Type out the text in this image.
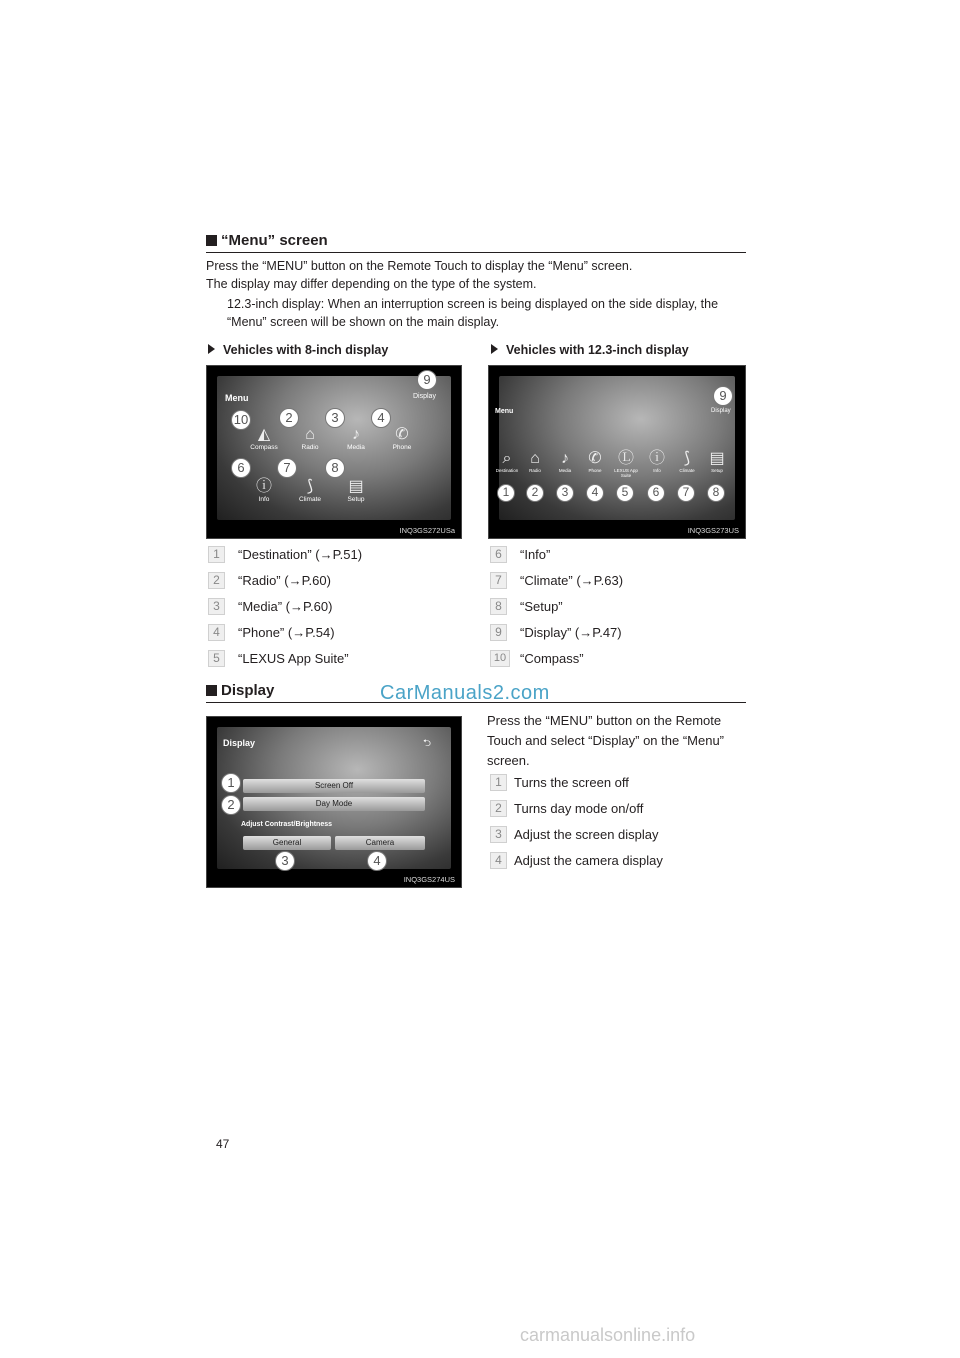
“Menu” screen
Press the “MENU” button on the Remote Touch to display the “Menu” screen.
The display may differ depending on the type of the system.
12.3-inch display: When an interruption screen is being displayed on the side display, the
“Menu” screen will be shown on the main display.
Vehicles with 8-inch display	Vehicles with 12.3-inch display
Menu	Display
◭
Compass
⌂
Radio
♪
Media
✆
Phone
ⓘ
Info
⟆
Climate
▤
Setup
10	2	3	4
6	7	8
9
INQ3GS272USa
Menu	Display
⌕
Destination
⌂
Radio
♪
Media
✆
Phone
Ⓛ
LEXUS App Suite
ⓘ
Info
⟆
Climate
▤
Setup
1	2	3	4	5	6	7	8
9
INQ3GS273US
1	“Destination” (→P.51)
2	“Radio” (→P.60)
3	“Media” (→P.60)
4	“Phone” (→P.54)
5	“LEXUS App Suite”
6	“Info”
7	“Climate” (→P.63)
8	“Setup”
9	“Display” (→P.47)
10 “Compass”
Display	CarManuals2.com
Display	⮌
Screen Off
Day Mode
Adjust Contrast/Brightness
General	Camera
1
2
3	4
INQ3GS274US
Press the “MENU” button on the Remote
Touch and select “Display” on the “Menu”
screen.
1 Turns the screen off
2 Turns day mode on/off
3 Adjust the screen display
4 Adjust the camera display
47
carmanualsonline.info
